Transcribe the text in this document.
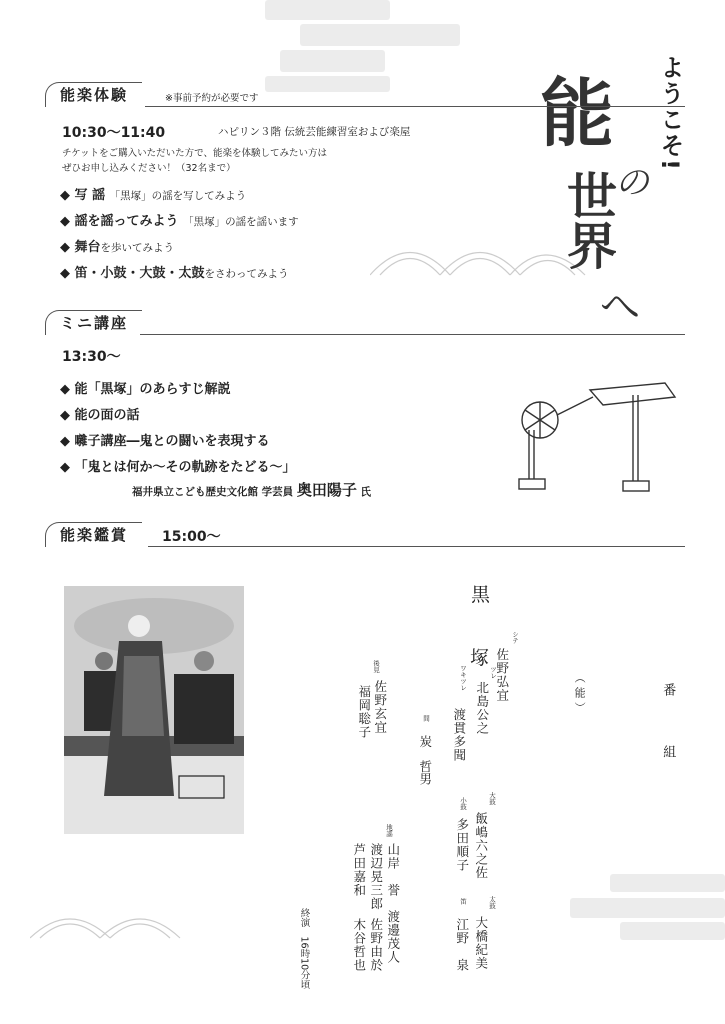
ようこそ!
能
の
世界
へ
能楽体験	※事前予約が必要です
10:30～11:40	ハピリン３階 伝統芸能練習室および楽屋
チケットをご購入いただいた方で、能楽を体験してみたい方は
ぜひお申し込みください！（32名まで）
◆ 写 謡 「黒塚」の謡を写してみよう
◆ 謡を謡ってみよう 「黒塚」の謡を謡います
◆ 舞台を歩いてみよう
◆ 笛・小鼓・大鼓・太鼓をさわってみよう
ミニ講座
13:30～
◆ 能「黒塚」のあらすじ解説
◆ 能の面の話
◆ 囃子講座―鬼との闘いを表現する
◆ 「鬼とは何か～その軌跡をたどる～」
福井県立こども歴史文化館 学芸員 奥田陽子 氏
能楽鑑賞	15:00～
番　組
（能）
黒
塚
シテ
佐野弘宜
ツレ
北島公之
ワキツレ
渡貫多聞
間
炭　哲男
後見
佐野玄宜
福岡聡子
大鼓
飯嶋六之佐
小鼓
多田順子
太鼓
大橋紀美
笛
江野　泉
地謡
山岸　誉
渡邊茂人
渡辺晃三郎
佐野由於
芦田嘉和
木谷哲也
終演　16時10分頃
